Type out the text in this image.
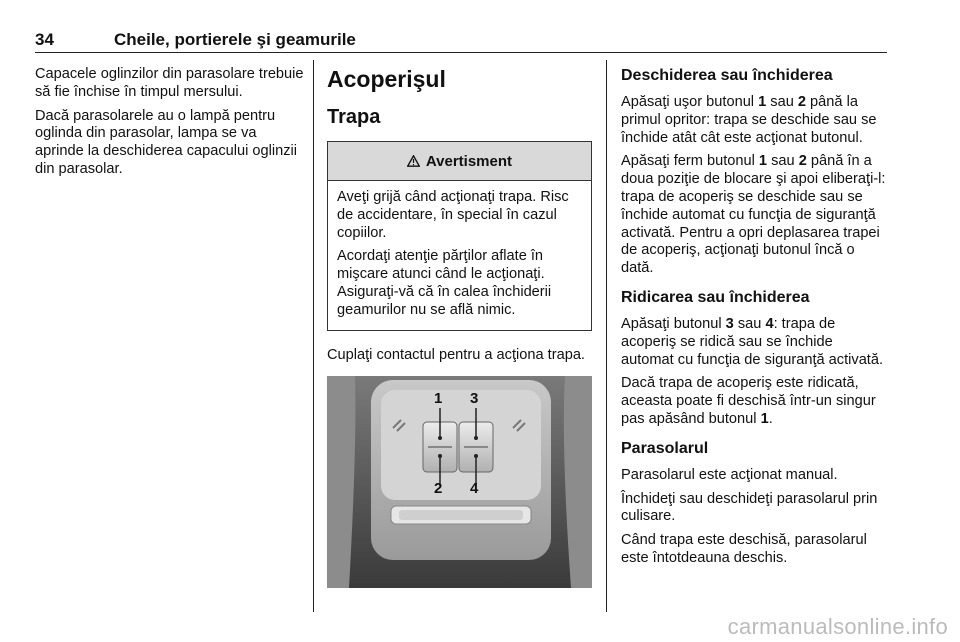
34	Cheile, portierele şi geamurile

Capacele oglinzilor din parasolare trebuie să fie închise în timpul mersului.

Dacă parasolarele au o lampă pentru oglinda din parasolar, lampa se va aprinde la deschiderea capacului oglinzii din parasolar.

Acoperişul
Trapa
Avertisment

Aveţi grijă când acţionaţi trapa. Risc de accidentare, în special în cazul copiilor.

Acordaţi atenţie părţilor aflate în mişcare atunci când le acţionaţi. Asiguraţi-vă că în calea închiderii geamurilor nu se află nimic.

Cuplaţi contactul pentru a acţiona trapa.

1 3
2 4
Deschiderea sau închiderea

Apăsaţi uşor butonul 1 sau 2 până la primul opritor: trapa se deschide sau se închide atât cât este acţionat butonul.

Apăsaţi ferm butonul 1 sau 2 până în a doua poziţie de blocare şi apoi eliberaţi-l: trapa de acoperiş se deschide sau se închide automat cu funcţia de siguranţă activată. Pentru a opri deplasarea trapei de acoperiş, acţionaţi butonul încă o dată.

Ridicarea sau închiderea

Apăsaţi butonul 3 sau 4: trapa de acoperiş se ridică sau se închide automat cu funcţia de siguranţă activată.

Dacă trapa de acoperiş este ridicată, aceasta poate fi deschisă într-un singur pas apăsând butonul 1.

Parasolarul

Parasolarul este acţionat manual.

Închideţi sau deschideţi parasolarul prin culisare.

Când trapa este deschisă, parasolarul este întotdeauna deschis.

carmanualsonline.info
